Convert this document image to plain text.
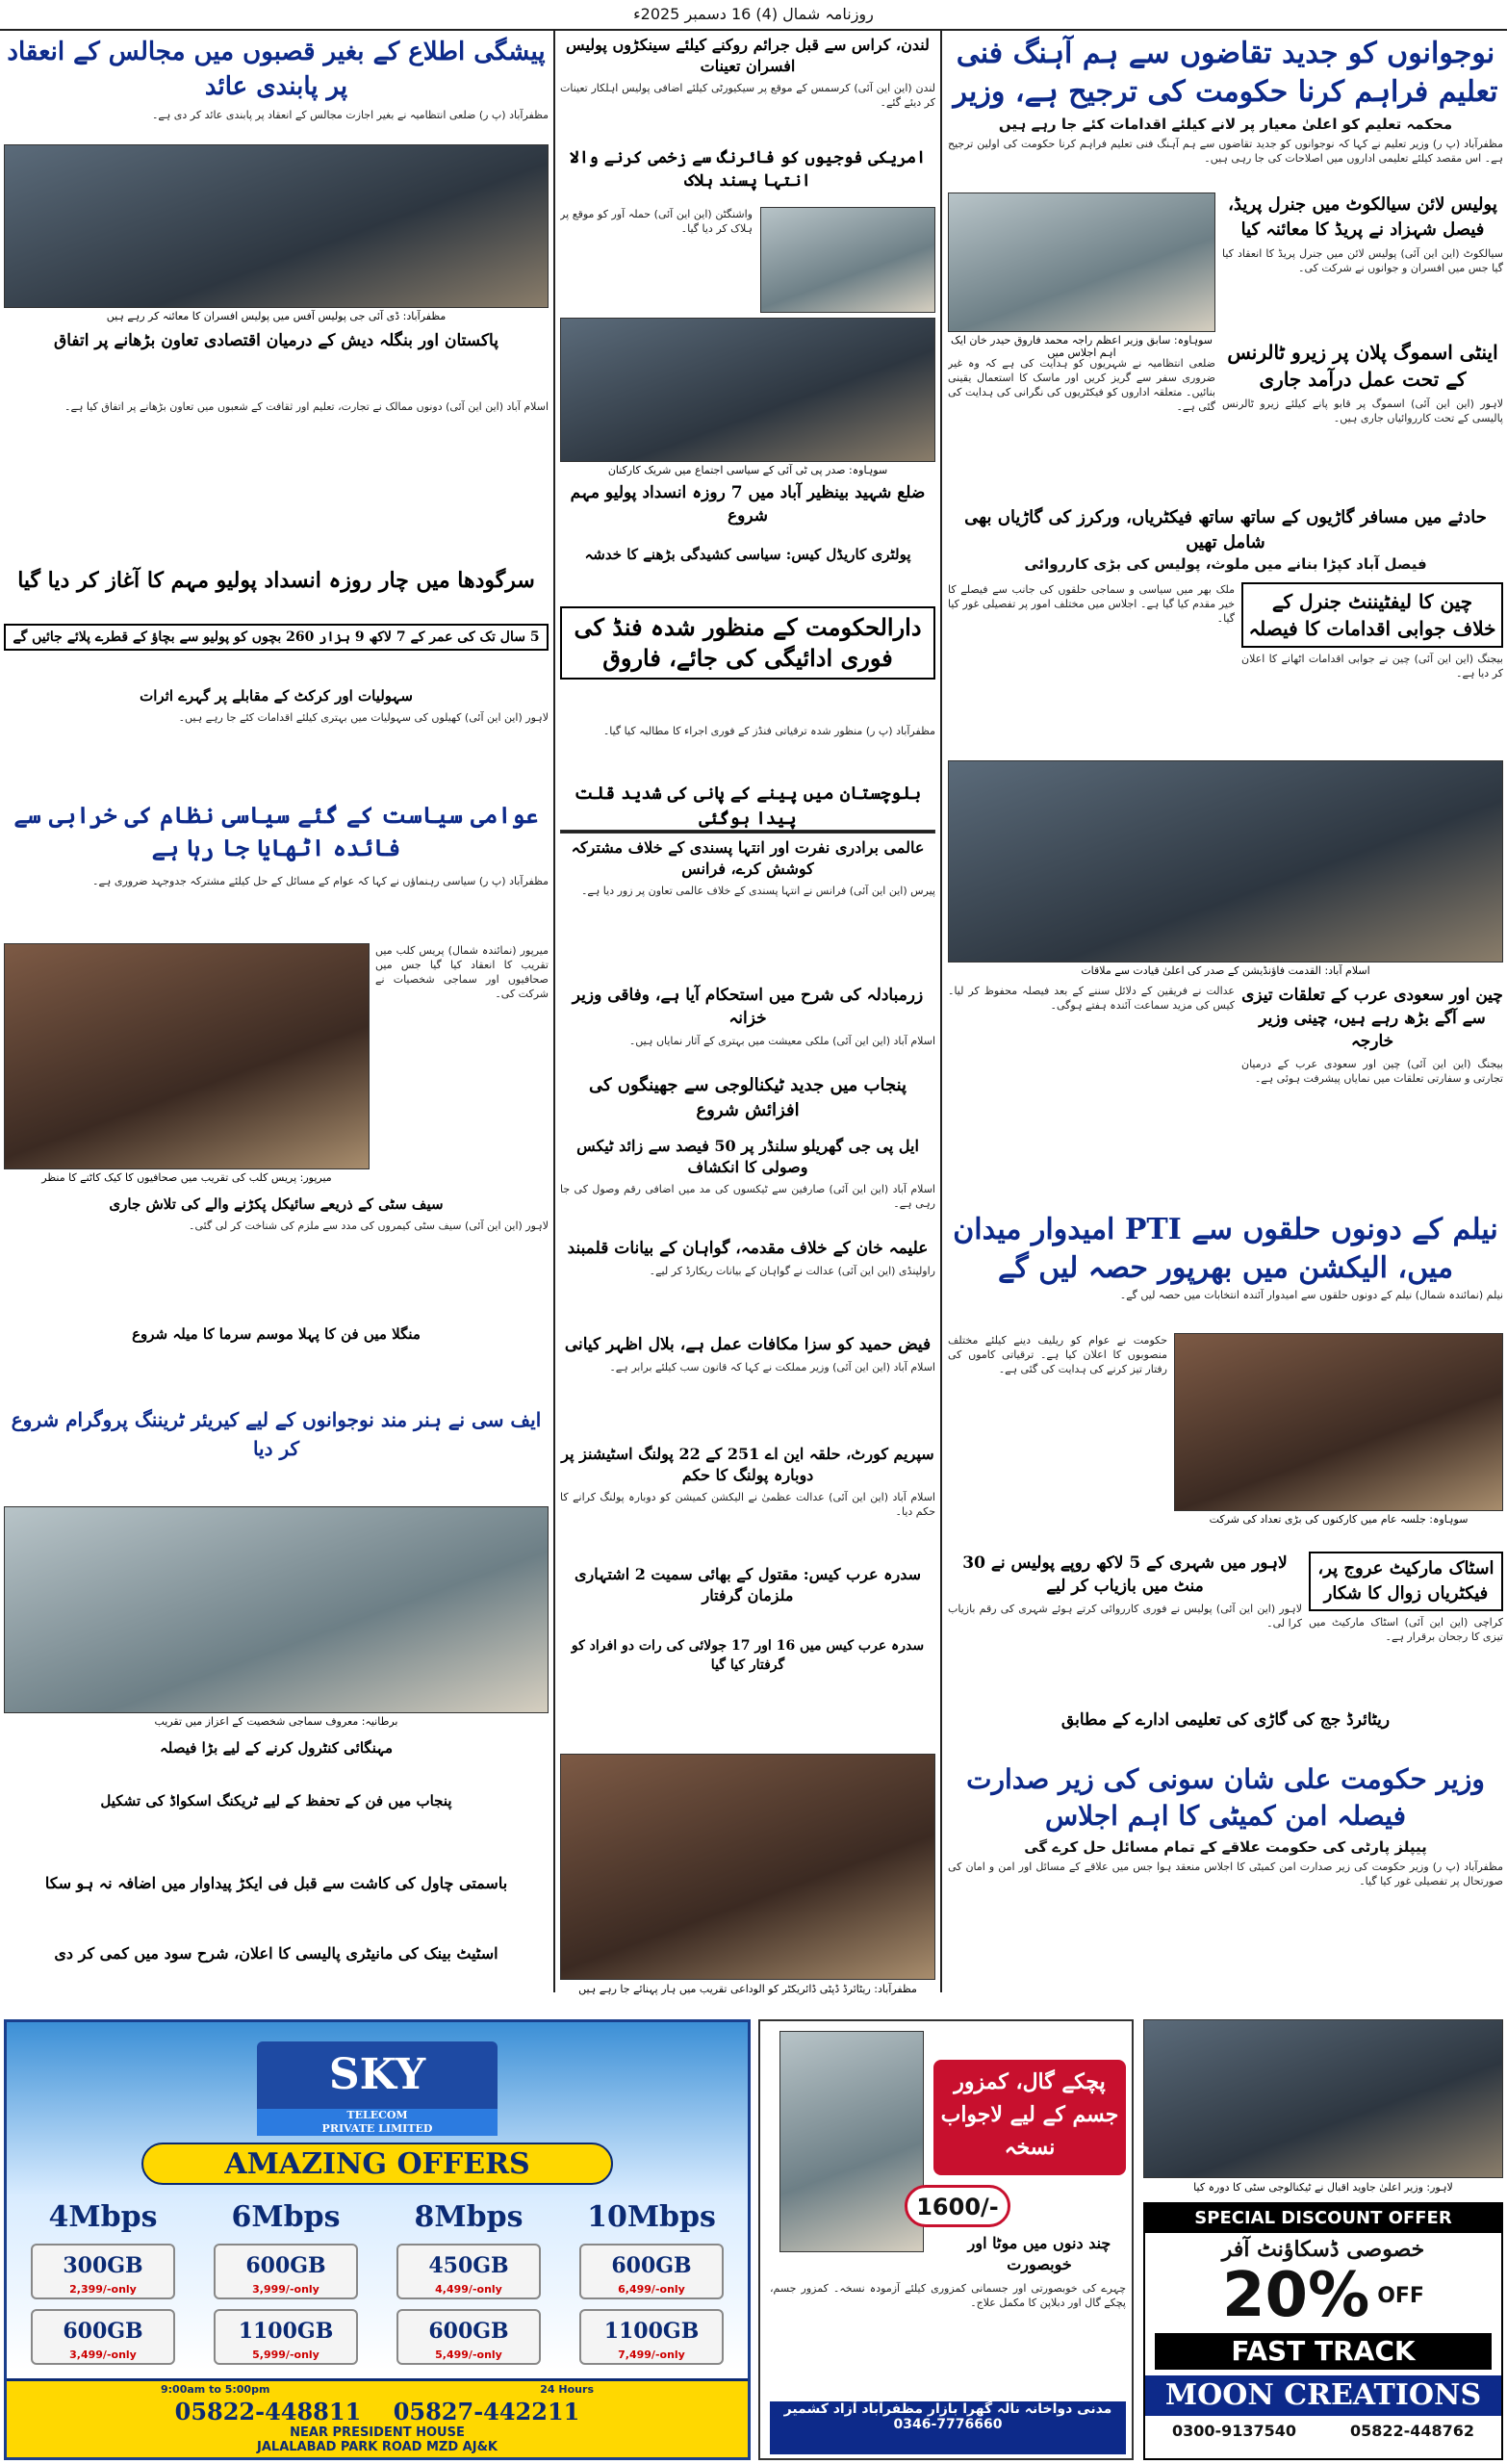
روزنامہ شمال (4) 16 دسمبر 2025ء
نوجوانوں کو جدید تقاضوں سے ہم آہنگ فنی تعلیم فراہم کرنا حکومت کی ترجیح ہے، وزیر
محکمہ تعلیم کو اعلیٰ معیار پر لانے کیلئے اقدامات کئے جا رہے ہیں
مظفرآباد (پ ر) وزیر تعلیم نے کہا کہ نوجوانوں کو جدید تقاضوں سے ہم آہنگ فنی تعلیم فراہم کرنا حکومت کی اولین ترجیح ہے۔ اس مقصد کیلئے تعلیمی اداروں میں اصلاحات کی جا رہی ہیں۔
پولیس لائن سیالکوٹ میں جنرل پریڈ، فیصل شہزاد نے پریڈ کا معائنہ کیا
سیالکوٹ (این این آئی) پولیس لائن میں جنرل پریڈ کا انعقاد کیا گیا جس میں افسران و جوانوں نے شرکت کی۔
سوہاوہ: سابق وزیر اعظم راجہ محمد فاروق حیدر خان ایک اہم اجلاس میں	اینٹی اسموگ پلان پر زیرو ٹالرنس کے تحت عمل درآمد جاری
لاہور (این این آئی) اسموگ پر قابو پانے کیلئے زیرو ٹالرنس پالیسی کے تحت کارروائیاں جاری ہیں۔
ضلعی انتظامیہ نے شہریوں کو ہدایت کی ہے کہ وہ غیر ضروری سفر سے گریز کریں اور ماسک کا استعمال یقینی بنائیں۔ متعلقہ اداروں کو فیکٹریوں کی نگرانی کی ہدایت کی گئی ہے۔
حادثے میں مسافر گاڑیوں کے ساتھ ساتھ فیکٹریاں، ورکرز کی گاڑیاں بھی شامل تھیں
فیصل آباد کپڑا بنانے میں ملوث، پولیس کی بڑی کارروائی
چین کا لیفٹیننٹ جنرل کے خلاف جوابی اقدامات کا فیصلہ
بیجنگ (این این آئی) چین نے جوابی اقدامات اٹھانے کا اعلان کر دیا ہے۔
ملک بھر میں سیاسی و سماجی حلقوں کی جانب سے فیصلے کا خیر مقدم کیا گیا ہے۔ اجلاس میں مختلف امور پر تفصیلی غور کیا گیا۔
اسلام آباد: القدمت فاؤنڈیشن کے صدر کی اعلیٰ قیادت سے ملاقات
چین اور سعودی عرب کے تعلقات تیزی سے آگے بڑھ رہے ہیں، چینی وزیر خارجہ
بیجنگ (این این آئی) چین اور سعودی عرب کے درمیان تجارتی و سفارتی تعلقات میں نمایاں پیشرفت ہوئی ہے۔
عدالت نے فریقین کے دلائل سننے کے بعد فیصلہ محفوظ کر لیا۔ کیس کی مزید سماعت آئندہ ہفتے ہوگی۔
نیلم کے دونوں حلقوں سے PTI امیدوار میدان میں، الیکشن میں بھرپور حصہ لیں گے
نیلم (نمائندہ شمال) نیلم کے دونوں حلقوں سے امیدوار آئندہ انتخابات میں حصہ لیں گے۔
سوہاوہ: جلسہ عام میں کارکنوں کی بڑی تعداد کی شرکت
حکومت نے عوام کو ریلیف دینے کیلئے مختلف منصوبوں کا اعلان کیا ہے۔ ترقیاتی کاموں کی رفتار تیز کرنے کی ہدایت کی گئی ہے۔
اسٹاک مارکیٹ عروج پر، فیکٹریاں زوال کا شکار
کراچی (این این آئی) اسٹاک مارکیٹ میں تیزی کا رجحان برقرار ہے۔
لاہور میں شہری کے 5 لاکھ روپے پولیس نے 30 منٹ میں بازیاب کر لیے
لاہور (این این آئی) پولیس نے فوری کارروائی کرتے ہوئے شہری کی رقم بازیاب کرا لی۔
ریٹائرڈ جج کی گاڑی کی تعلیمی ادارے کے مطابق
وزیر حکومت علی شان سونی کی زیر صدارت فیصلہ امن کمیٹی کا اہم اجلاس
پیپلز پارٹی کی حکومت علاقے کے تمام مسائل حل کرے گی
مظفرآباد (پ ر) وزیر حکومت کی زیر صدارت امن کمیٹی کا اجلاس منعقد ہوا جس میں علاقے کے مسائل اور امن و امان کی صورتحال پر تفصیلی غور کیا گیا۔
لندن، کراس سے قبل جرائم روکنے کیلئے سینکڑوں پولیس افسران تعینات
لندن (این این آئی) کرسمس کے موقع پر سیکیورٹی کیلئے اضافی پولیس اہلکار تعینات کر دیئے گئے۔
امریکی فوجیوں کو فائرنگ سے زخمی کرنے والا انتہا پسند ہلاک
واشنگٹن (این این آئی) حملہ آور کو موقع پر ہلاک کر دیا گیا۔
سوہاوہ: صدر پی ٹی آئی کے سیاسی اجتماع میں شریک کارکنان
ضلع شہید بینظیر آباد میں 7 روزہ انسداد پولیو مہم شروع
پولٹری کاریڈل کیس: سیاسی کشیدگی بڑھنے کا خدشہ
دارالحکومت کے منظور شدہ فنڈ کی فوری ادائیگی کی جائے، فاروق
مظفرآباد (پ ر) منظور شدہ ترقیاتی فنڈز کے فوری اجراء کا مطالبہ کیا گیا۔
بلوچستان میں پینے کے پانی کی شدید قلت پیدا ہوگئی
عالمی برادری نفرت اور انتہا پسندی کے خلاف مشترکہ کوشش کرے، فرانس
پیرس (این این آئی) فرانس نے انتہا پسندی کے خلاف عالمی تعاون پر زور دیا ہے۔
زرمبادلہ کی شرح میں استحکام آیا ہے، وفاقی وزیر خزانہ
اسلام آباد (این این آئی) ملکی معیشت میں بہتری کے آثار نمایاں ہیں۔
پنجاب میں جدید ٹیکنالوجی سے جھینگوں کی افزائش شروع
ایل پی جی گھریلو سلنڈر پر 50 فیصد سے زائد ٹیکس وصولی کا انکشاف
اسلام آباد (این این آئی) صارفین سے ٹیکسوں کی مد میں اضافی رقم وصول کی جا رہی ہے۔
علیمہ خان کے خلاف مقدمہ، گواہان کے بیانات قلمبند
راولپنڈی (این این آئی) عدالت نے گواہان کے بیانات ریکارڈ کر لیے۔
فیض حمید کو سزا مکافات عمل ہے، بلال اظہر کیانی
اسلام آباد (این این آئی) وزیر مملکت نے کہا کہ قانون سب کیلئے برابر ہے۔
سپریم کورٹ، حلقہ این اے 251 کے 22 پولنگ اسٹیشنز پر دوبارہ پولنگ کا حکم
اسلام آباد (این این آئی) عدالت عظمیٰ نے الیکشن کمیشن کو دوبارہ پولنگ کرانے کا حکم دیا۔
سدرہ عرب کیس: مقتول کے بھائی سمیت 2 اشتہاری ملزمان گرفتار
سدرہ عرب کیس میں 16 اور 17 جولائی کی رات دو افراد کو گرفتار کیا گیا
مظفرآباد: ریٹائرڈ ڈپٹی ڈائریکٹر کو الوداعی تقریب میں ہار پہنائے جا رہے ہیں
پیشگی اطلاع کے بغیر قصبوں میں مجالس کے انعقاد پر پابندی عائد
مظفرآباد (پ ر) ضلعی انتظامیہ نے بغیر اجازت مجالس کے انعقاد پر پابندی عائد کر دی ہے۔
مظفرآباد: ڈی آئی جی پولیس آفس میں پولیس افسران کا معائنہ کر رہے ہیں
پاکستان اور بنگلہ دیش کے درمیان اقتصادی تعاون بڑھانے پر اتفاق
اسلام آباد (این این آئی) دونوں ممالک نے تجارت، تعلیم اور ثقافت کے شعبوں میں تعاون بڑھانے پر اتفاق کیا ہے۔
سرگودھا میں چار روزہ انسداد پولیو مہم کا آغاز کر دیا گیا
5 سال تک کی عمر کے 7 لاکھ 9 ہزار 260 بچوں کو پولیو سے بچاؤ کے قطرے پلائے جائیں گے
سہولیات اور کرکٹ کے مقابلے پر گہرے اثرات
لاہور (این این آئی) کھیلوں کی سہولیات میں بہتری کیلئے اقدامات کئے جا رہے ہیں۔
عوامی سیاست کے گئے سیاسی نظام کی خرابی سے فائدہ اٹھایا جا رہا ہے
مظفرآباد (پ ر) سیاسی رہنماؤں نے کہا کہ عوام کے مسائل کے حل کیلئے مشترکہ جدوجہد ضروری ہے۔
میرپور: پریس کلب کی تقریب میں صحافیوں کا کیک کاٹنے کا منظر
میرپور (نمائندہ شمال) پریس کلب میں تقریب کا انعقاد کیا گیا جس میں صحافیوں اور سماجی شخصیات نے شرکت کی۔
سیف سٹی کے ذریعے سائیکل پکڑنے والے کی تلاش جاری
لاہور (این این آئی) سیف سٹی کیمروں کی مدد سے ملزم کی شناخت کر لی گئی۔
منگلا میں فن کا پہلا موسم سرما کا میلہ شروع
ایف سی نے ہنر مند نوجوانوں کے لیے کیریئر ٹریننگ پروگرام شروع کر دیا
برطانیہ: معروف سماجی شخصیت کے اعزاز میں تقریب
مہنگائی کنٹرول کرنے کے لیے بڑا فیصلہ
پنجاب میں فن کے تحفظ کے لیے ٹریکنگ اسکواڈ کی تشکیل
باسمتی چاول کی کاشت سے قبل فی ایکڑ پیداوار میں اضافہ نہ ہو سکا
اسٹیٹ بینک کی مانیٹری پالیسی کا اعلان، شرح سود میں کمی کر دی
لاہور: وزیر اعلیٰ جاوید اقبال نے ٹیکنالوجی سٹی کا دورہ کیا
SKY
TELECOM
PRIVATE LIMITED
AMAZING OFFERS
4Mbps	6Mbps	8Mbps	10Mbps
300GB
2,399/-only
600GB
3,999/-only
450GB
4,499/-only
600GB
6,499/-only
600GB
3,499/-only
1100GB
5,999/-only
600GB
5,499/-only
1100GB
7,499/-only
9:00am to 5:00pm	24 Hours
05822-448811 05827-442211
NEAR PRESIDENT HOUSE
JALALABAD PARK ROAD MZD AJ&K
پچکے گال، کمزور جسم کے لیے لاجواب نسخہ
1600/-
چند دنوں میں موٹا اور خوبصورت
چہرے کی خوبصورتی اور جسمانی کمزوری کیلئے آزمودہ نسخہ۔ کمزور جسم، پچکے گال اور دبلاپن کا مکمل علاج۔
مدنی دواخانہ نالہ گھرا بازار مظفرآباد آزاد کشمیر
0346-7776660
SPECIAL DISCOUNT OFFER
خصوصی ڈسکاؤنٹ آفر
20% OFF
FAST TRACK
MOON CREATIONS
0300-9137540	05822-448762
